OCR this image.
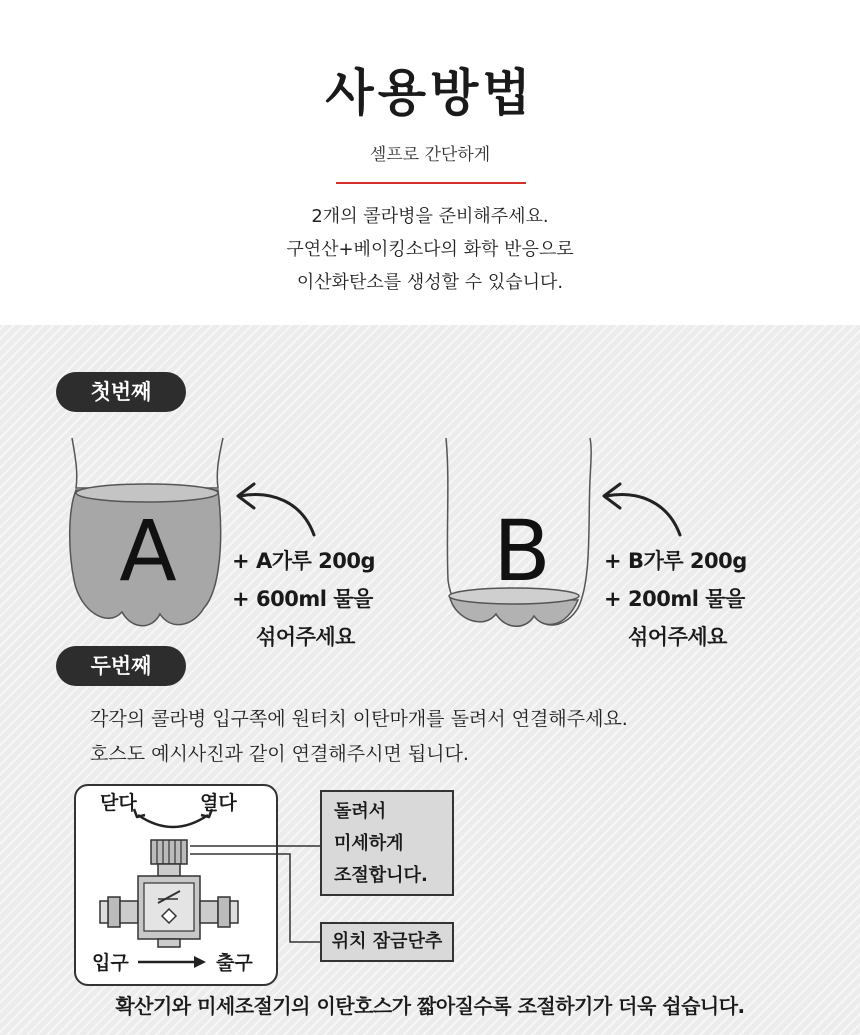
사용방법
셀프로 간단하게
2개의 콜라병을 준비해주세요.
구연산+베이킹소다의 화학 반응으로
이산화탄소를 생성할 수 있습니다.
첫번째
A	+ A가루 200g
+ 600ml 물을
섞어주세요
B	+ B가루 200g
+ 200ml 물을
섞어주세요
두번째
각각의 콜라병 입구쪽에 원터치 이탄마개를 돌려서 연결해주세요.
호스도 예시사진과 같이 연결해주시면 됩니다.
닫다	열다
입구	출구
돌려서
미세하게
조절합니다.
위치 잠금단추
확산기와 미세조절기의 이탄호스가 짧아질수록 조절하기가 더욱 쉽습니다.
